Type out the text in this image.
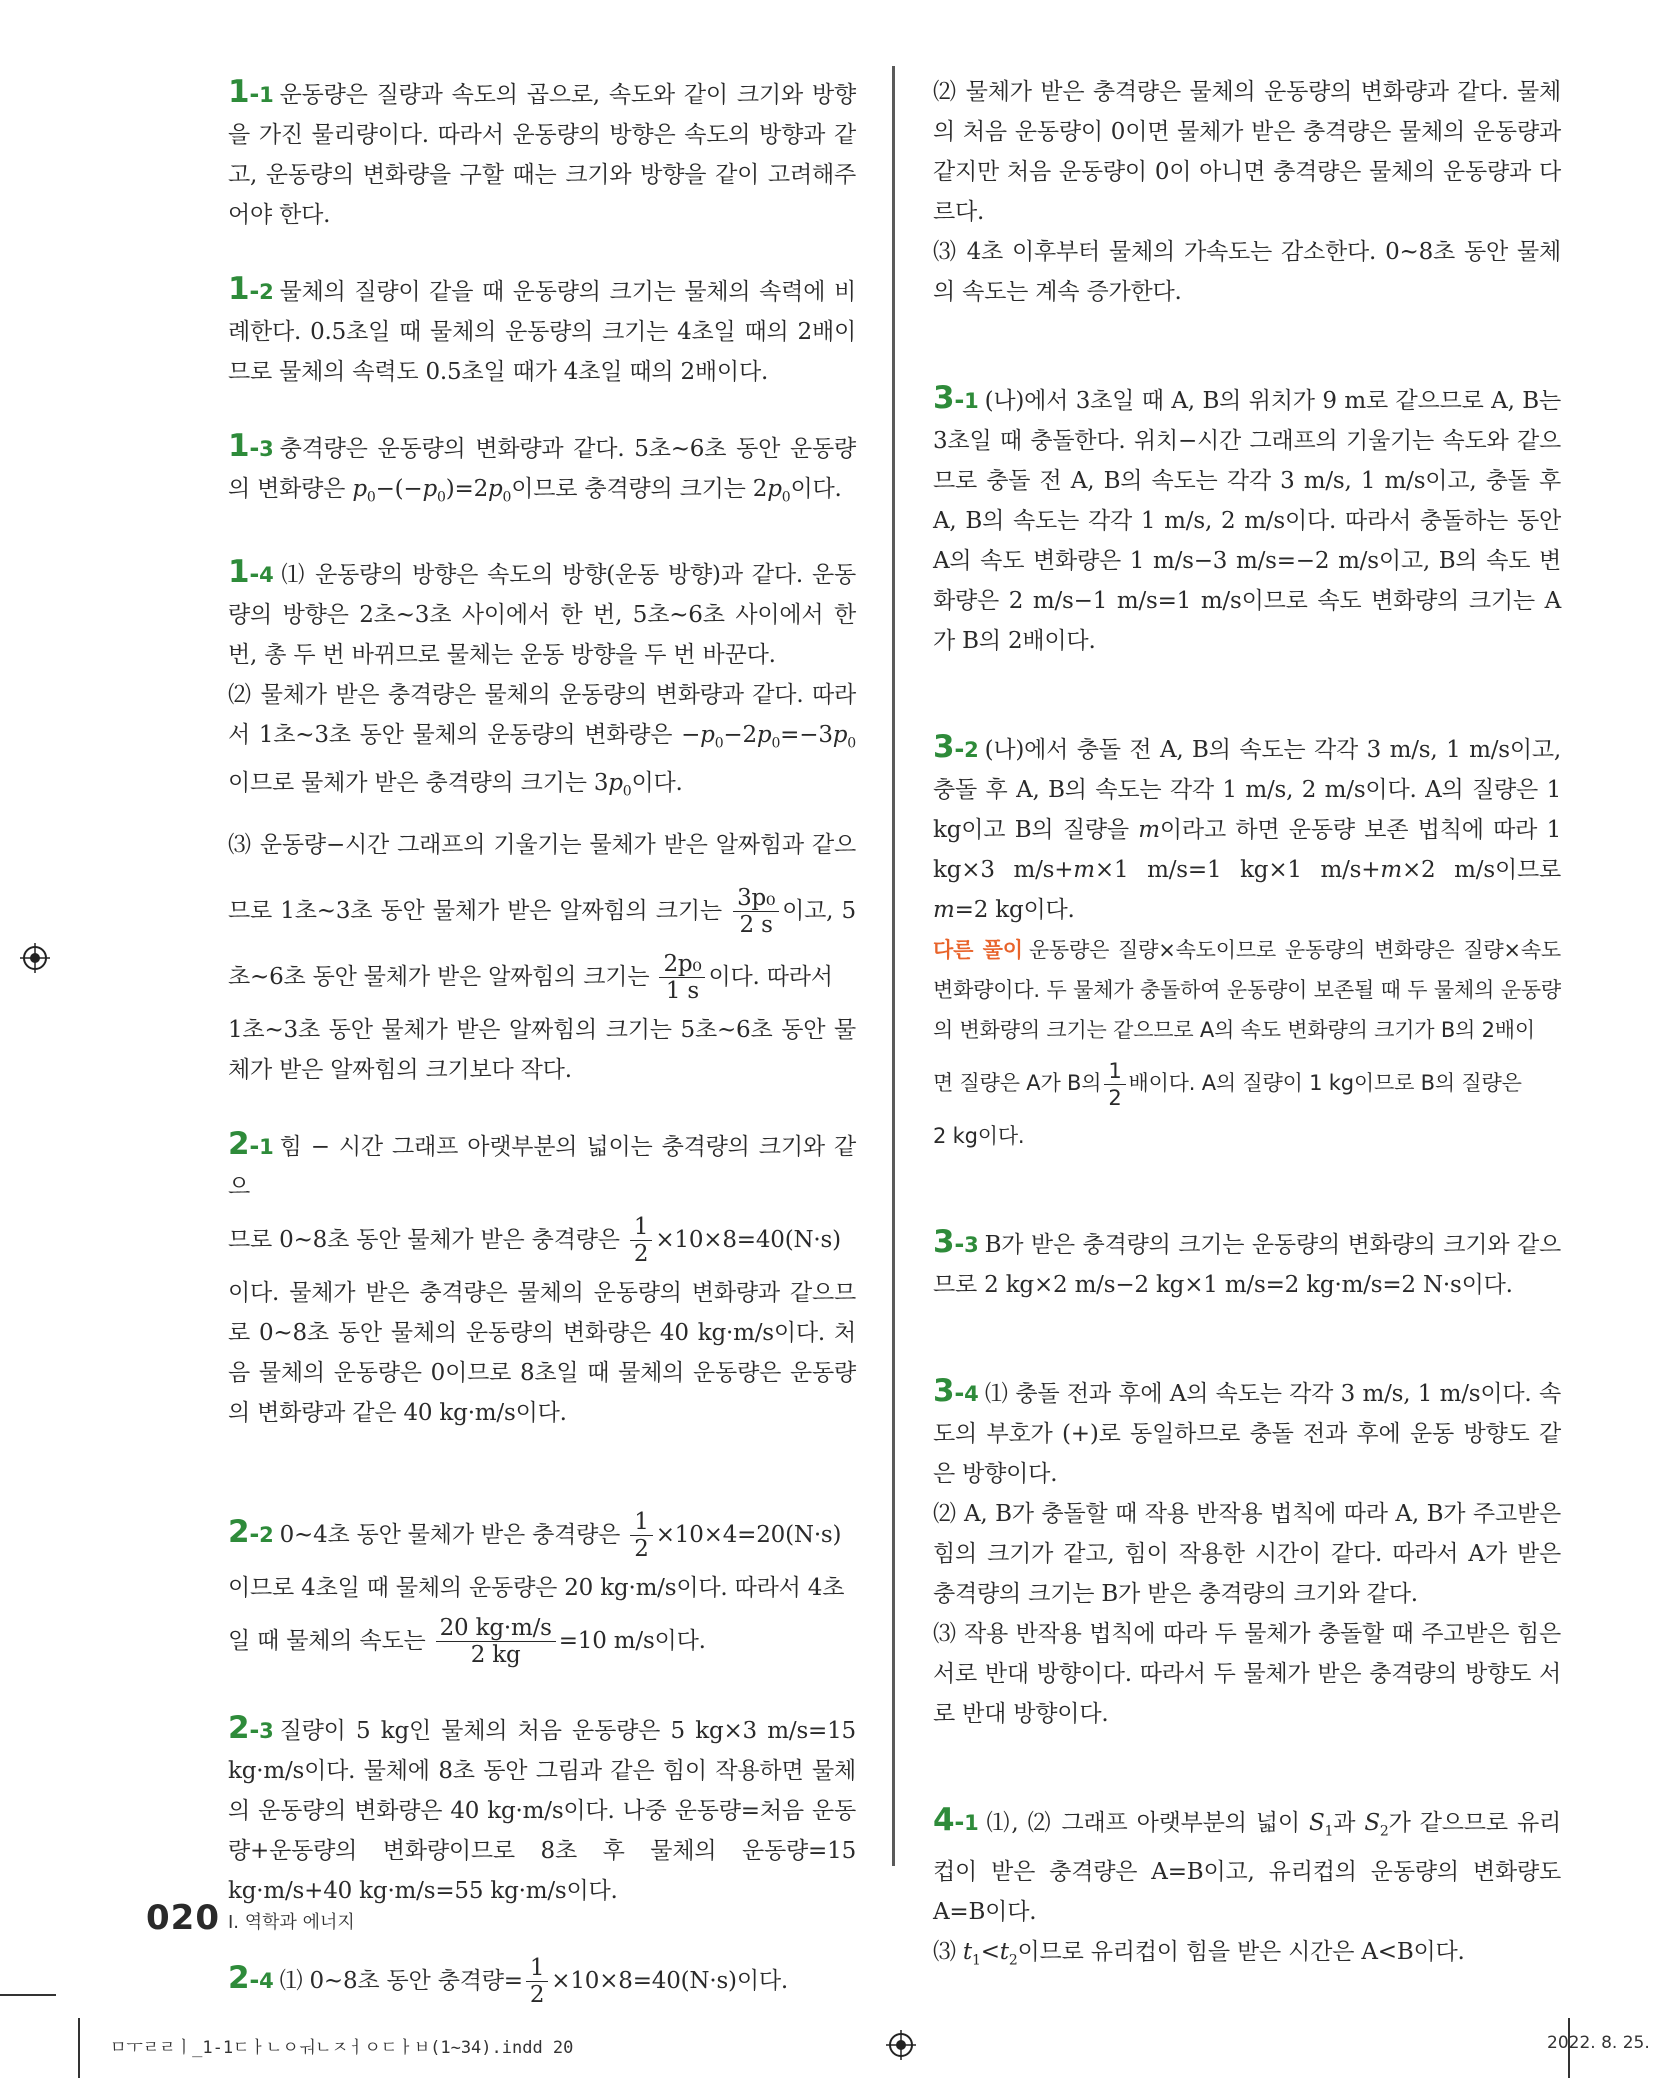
1-1 운동량은 질량과 속도의 곱으로, 속도와 같이 크기와 방향을 가진 물리량이다. 따라서 운동량의 방향은 속도의 방향과 같고, 운동량의 변화량을 구할 때는 크기와 방향을 같이 고려해주어야 한다.

1-2 물체의 질량이 같을 때 운동량의 크기는 물체의 속력에 비례한다. 0.5초일 때 물체의 운동량의 크기는 4초일 때의 2배이므로 물체의 속력도 0.5초일 때가 4초일 때의 2배이다.

1-3 충격량은 운동량의 변화량과 같다. 5초~6초 동안 운동량의 변화량은 $p_0-(-p_0)=2p_0$이므로 충격량의 크기는 $2p_0$이다.

1-4 ⑴ 운동량의 방향은 속도의 방향(운동 방향)과 같다. 운동량의 방향은 2초~3초 사이에서 한 번, 5초~6초 사이에서 한 번, 총 두 번 바뀌므로 물체는 운동 방향을 두 번 바꾼다.

⑵ 물체가 받은 충격량은 물체의 운동량의 변화량과 같다. 따라서 1초~3초 동안 물체의 운동량의 변화량은 $-p_0-2p_0=-3p_0$이므로 물체가 받은 충격량의 크기는 $3p_0$이다.

⑶ 운동량−시간 그래프의 기울기는 물체가 받은 알짜힘과 같으므로 1초~3초 동안 물체가 받은 알짜힘의 크기는 $\frac{\text{3p₀}}{2 s}$ 이고, 5초~6초 동안 물체가 받은 알짜힘의 크기는 $\frac{\text{2p₀}}{1 s}$ 이다. 따라서

1초~3초 동안 물체가 받은 알짜힘의 크기는 5초~6초 동안 물체가 받은 알짜힘의 크기보다 작다.

2-1 힘 − 시간 그래프 아랫부분의 넓이는 충격량의 크기와 같으

므로 0~8초 동안 물체가 받은 충격량은 $\frac{1}{2} \times 10\times 8=40(N\cdot s)$

이다. 물체가 받은 충격량은 물체의 운동량의 변화량과 같으므로 0~8초 동안 물체의 운동량의 변화량은 40 kg·m/s이다. 처음 물체의 운동량은 0이므로 8초일 때 물체의 운동량은 운동량의 변화량과 같은 40 kg·m/s이다.

2-2 0~4초 동안 물체가 받은 충격량은 $\frac{1}{2} \times 10\times 4=20(N\cdot s)$

이므로 4초일 때 물체의 운동량은 20 kg·m/s이다. 따라서 4초

일 때 물체의 속도는 $\frac{20 kg\cdot m/s}{2 kg} =10$ m/s이다.

2-3 질량이 5 kg인 물체의 처음 운동량은 5 kg×3 m/s=15 kg·m/s이다. 물체에 8초 동안 그림과 같은 힘이 작용하면 물체의 운동량의 변화량은 40 kg·m/s이다. 나중 운동량=처음 운동량+운동량의 변화량이므로 8초 후 물체의 운동량=15 kg·m/s+40 kg·m/s=55 kg·m/s이다.

2-4 ⑴ 0~8초 동안 충격량= $\frac{1}{2} \times 10\times 8=40(N\cdot s)$이다.

⑵ 물체가 받은 충격량은 물체의 운동량의 변화량과 같다. 물체의 처음 운동량이 0이면 물체가 받은 충격량은 물체의 운동량과 같지만 처음 운동량이 0이 아니면 충격량은 물체의 운동량과 다르다.

⑶ 4초 이후부터 물체의 가속도는 감소한다. 0~8초 동안 물체의 속도는 계속 증가한다.

3-1 (나)에서 3초일 때 A, B의 위치가 9 m로 같으므로 A, B는 3초일 때 충돌한다. 위치−시간 그래프의 기울기는 속도와 같으므로 충돌 전 A, B의 속도는 각각 3 m/s, 1 m/s이고, 충돌 후 A, B의 속도는 각각 1 m/s, 2 m/s이다. 따라서 충돌하는 동안 A의 속도 변화량은 1 m/s−3 m/s=−2 m/s이고, B의 속도 변화량은 2 m/s−1 m/s=1 m/s이므로 속도 변화량의 크기는 A가 B의 2배이다.

3-2 (나)에서 충돌 전 A, B의 속도는 각각 3 m/s, 1 m/s이고, 충돌 후 A, B의 속도는 각각 1 m/s, 2 m/s이다. A의 질량은 1 kg이고 B의 질량을 m이라고 하면 운동량 보존 법칙에 따라 1 kg×3 m/s+m×1 m/s=1 kg×1 m/s+m×2 m/s이므로 m=2 kg이다.

다른 풀이 운동량은 질량×속도이므로 운동량의 변화량은 질량×속도 변화량이다. 두 물체가 충돌하여 운동량이 보존될 때 두 물체의 운동량의 변화량의 크기는 같으므로 A의 속도 변화량의 크기가 B의 2배이

면 질량은 A가 B의 $\frac{1}{2}$ 배이다. A의 질량이 1 kg이므로 B의 질량은

2 kg이다.

3-3 B가 받은 충격량의 크기는 운동량의 변화량의 크기와 같으므로 2 kg×2 m/s−2 kg×1 m/s=2 kg·m/s=2 N·s이다.

3-4 ⑴ 충돌 전과 후에 A의 속도는 각각 3 m/s, 1 m/s이다. 속도의 부호가 (+)로 동일하므로 충돌 전과 후에 운동 방향도 같은 방향이다.

⑵ A, B가 충돌할 때 작용 반작용 법칙에 따라 A, B가 주고받은 힘의 크기가 같고, 힘이 작용한 시간이 같다. 따라서 A가 받은 충격량의 크기는 B가 받은 충격량의 크기와 같다.

⑶ 작용 반작용 법칙에 따라 두 물체가 충돌할 때 주고받은 힘은 서로 반대 방향이다. 따라서 두 물체가 받은 충격량의 방향도 서로 반대 방향이다.

4-1 ⑴, ⑵ 그래프 아랫부분의 넓이 $S_1$과 $S_2$가 같으므로 유리컵이 받은 충격량은 A=B이고, 유리컵의 운동량의 변화량도 A=B이다.

⑶ $t_1<t_2$이므로 유리컵이 힘을 받은 시간은 A<B이다.

020 I. 역학과 에너지
ㅁㅜㄹㄹㅣ_1-1ㄷㅏㄴㅇㅝㄴㅈㅓㅇㄷㅏㅂ(1~34).indd 20	2022. 8. 25.
